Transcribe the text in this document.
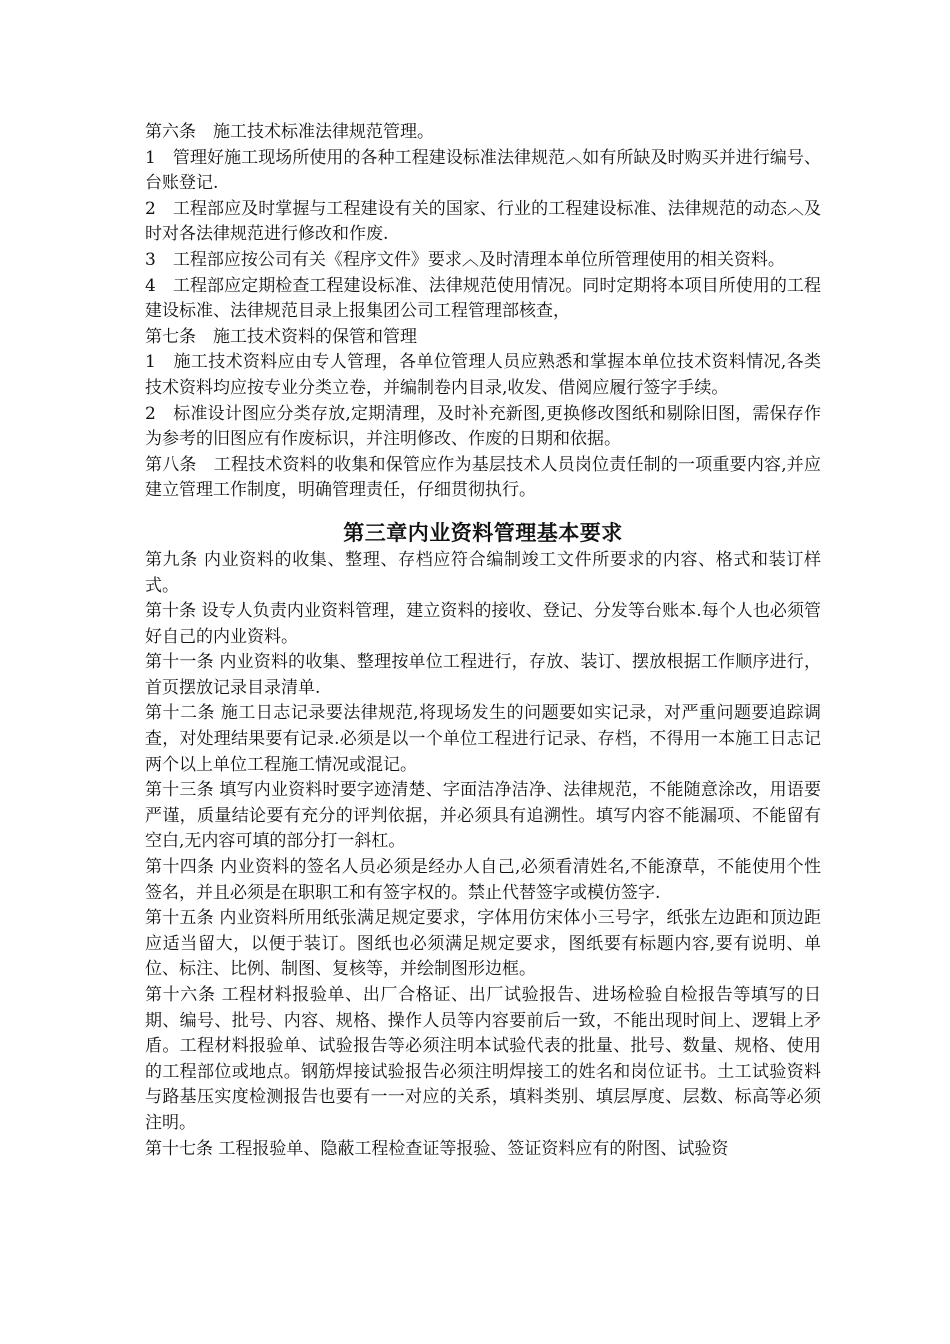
第六条　施工技术标准法律规范管理。

1　管理好施工现场所使用的各种工程建设标准法律规范︿如有所缺及时购买并进行编号、台账登记.

2　工程部应及时掌握与工程建设有关的国家、行业的工程建设标准、法律规范的动态︿及时对各法律规范进行修改和作废.

3　工程部应按公司有关《程序文件》要求︿及时清理本单位所管理使用的相关资料。

4　工程部应定期检查工程建设标准、法律规范使用情况。同时定期将本项目所使用的工程建设标准、法律规范目录上报集团公司工程管理部核查，

第七条　施工技术资料的保管和管理

1　施工技术资料应由专人管理，各单位管理人员应熟悉和掌握本单位技术资料情况,各类技术资料均应按专业分类立卷，并编制卷内目录,收发、借阅应履行签字手续。

2　标准设计图应分类存放,定期清理，及时补充新图,更换修改图纸和剔除旧图，需保存作为参考的旧图应有作废标识，并注明修改、作废的日期和依据。

第八条　工程技术资料的收集和保管应作为基层技术人员岗位责任制的一项重要内容,并应建立管理工作制度，明确管理责任，仔细贯彻执行。

第三章内业资料管理基本要求

第九条 内业资料的收集、整理、存档应符合编制竣工文件所要求的内容、格式和装订样式。

第十条 设专人负责内业资料管理，建立资料的接收、登记、分发等台账本.每个人也必须管好自己的内业资料。

第十一条 内业资料的收集、整理按单位工程进行，存放、装订、摆放根据工作顺序进行，首页摆放记录目录清单.

第十二条 施工日志记录要法律规范,将现场发生的问题要如实记录，对严重问题要追踪调查，对处理结果要有记录.必须是以一个单位工程进行记录、存档，不得用一本施工日志记两个以上单位工程施工情况或混记。

第十三条 填写内业资料时要字迹清楚、字面洁净洁净、法律规范，不能随意涂改，用语要严谨，质量结论要有充分的评判依据，并必须具有追溯性。填写内容不能漏项、不能留有空白,无内容可填的部分打一斜杠。

第十四条 内业资料的签名人员必须是经办人自己,必须看清姓名,不能潦草，不能使用个性签名，并且必须是在职职工和有签字权的。禁止代替签字或模仿签字.

第十五条 内业资料所用纸张满足规定要求，字体用仿宋体小三号字，纸张左边距和顶边距应适当留大，以便于装订。图纸也必须满足规定要求，图纸要有标题内容,要有说明、单位、标注、比例、制图、复核等，并绘制图形边框。

第十六条 工程材料报验单、出厂合格证、出厂试验报告、进场检验自检报告等填写的日期、编号、批号、内容、规格、操作人员等内容要前后一致，不能出现时间上、逻辑上矛盾。工程材料报验单、试验报告等必须注明本试验代表的批量、批号、数量、规格、使用的工程部位或地点。钢筋焊接试验报告必须注明焊接工的姓名和岗位证书。土工试验资料与路基压实度检测报告也要有一一对应的关系，填料类别、填层厚度、层数、标高等必须注明。

第十七条 工程报验单、隐蔽工程检查证等报验、签证资料应有的附图、试验资
